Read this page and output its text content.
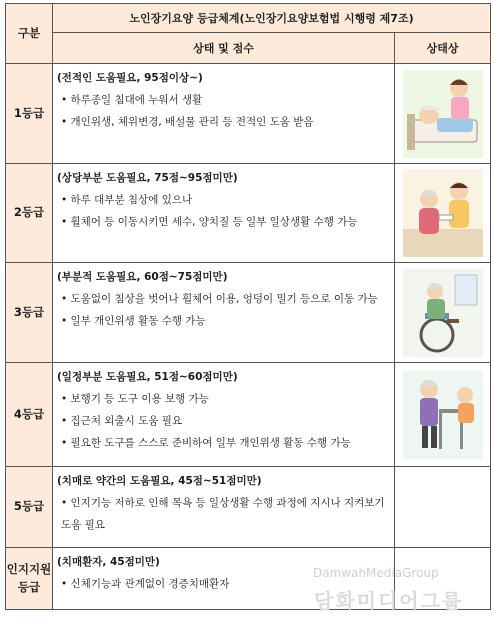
구분	노인장기요양 등급체계(노인장기요양보험법 시행령 제7조)	
	상태 및 점수	상태상
1등급	(전적인 도움필요, 95점이상~)
• 하루종일 침대에 누워서 생활
• 개인위생, 체위변경, 배설물 관리 등 전적인 도움 받음

2등급	(상당부분 도움필요, 75점~95점미만)
• 하루 대부분 침상에 있으나
• 휠체어 등 이동시키면 세수, 양치질 등 일부 일상생활 수행 가능

3등급	(부분적 도움필요, 60점~75점미만)
• 도움없이 침상을 벗어나 휠체어 이용, 엉덩이 밀기 등으로 이동 가능
• 일부 개인위생 활동 수행 가능

4등급	(일정부분 도움필요, 51점~60점미만)
• 보행기 등 도구 이용 보행 가능
• 집근처 외출시 도움 필요
• 필요한 도구를 스스로 준비하여 일부 개인위생 활동 수행 가능

5등급	(치매로 약간의 도움필요, 45점~51점미만)
• 인지기능 저하로 인해 목욕 등 일상생활 수행 과정에 지시나 지켜보기 도움 필요	

인지지원등급	(치매환자, 45점미만)
• 신체기능과 관계없이 경증치매환자	

DamwahMediaGroup
담화미디어그룹
